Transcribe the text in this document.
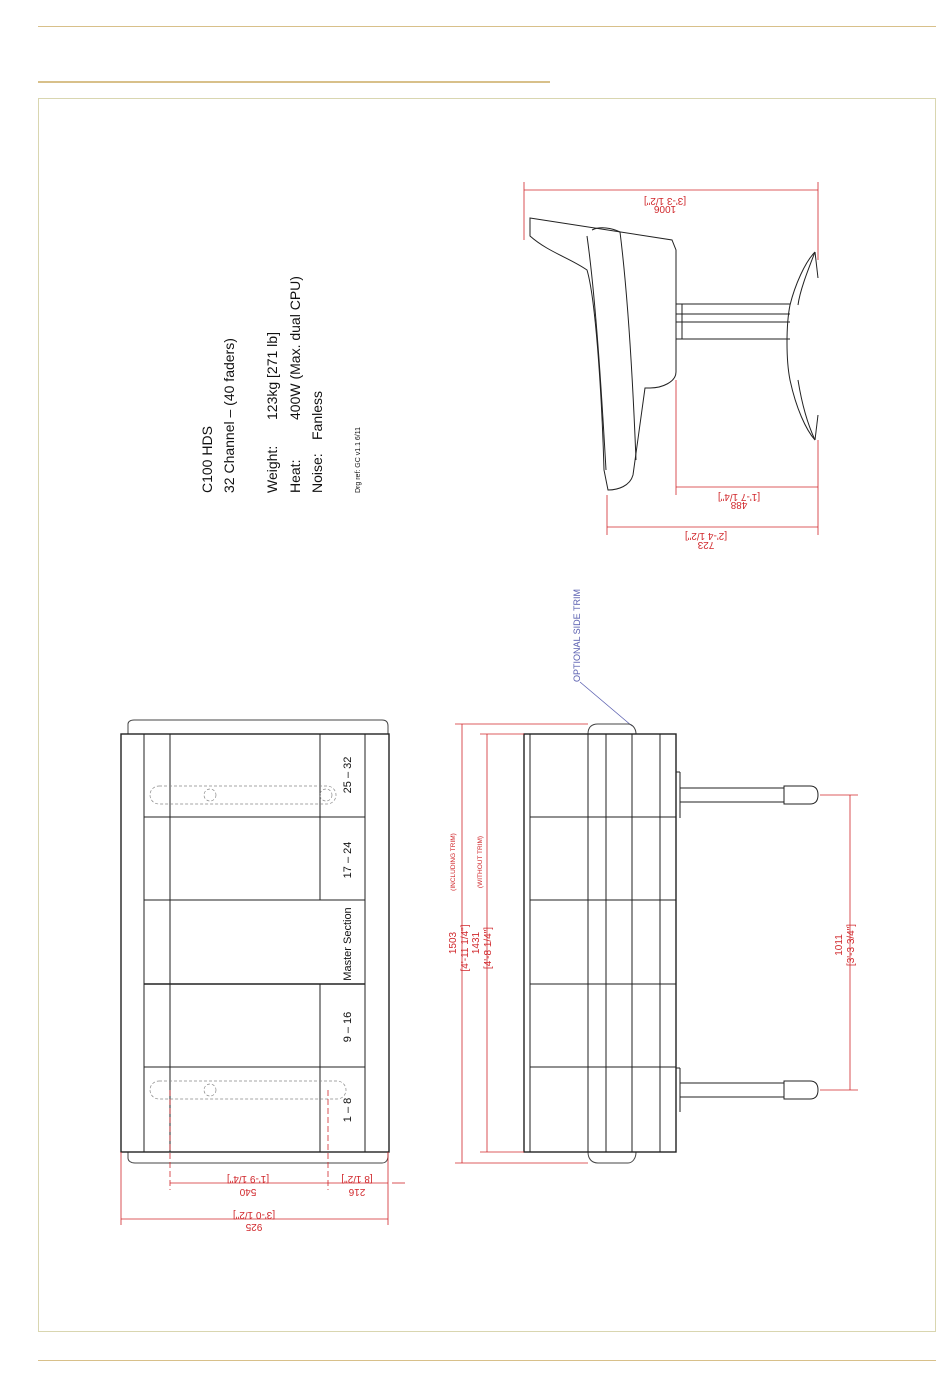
C100 HDS 32 Channel – (40 faders) Weight:
123kg [271 lb]
Heat:
400W (Max. dual CPU)
Noise:
Fanless
Drg ref: GC v1.1 6/11
[3'-3 1/2"]
1006
[1'-7 1/4"]
488
[2'-4 1/2"]
723
OPTIONAL SIDE TRIM
25 – 32
17 – 24
Master Section
9 – 16
1 – 8
[1'-9 1/4"]
540
[8 1/2"]
216
[3'-0 1/2"]
925
(INCLUDING TRIM)
1503 [4'-11 1/4"]
(WITHOUT TRIM)
1431 [4'-8 1/4"]	1011 [3'-3 3/4"]
